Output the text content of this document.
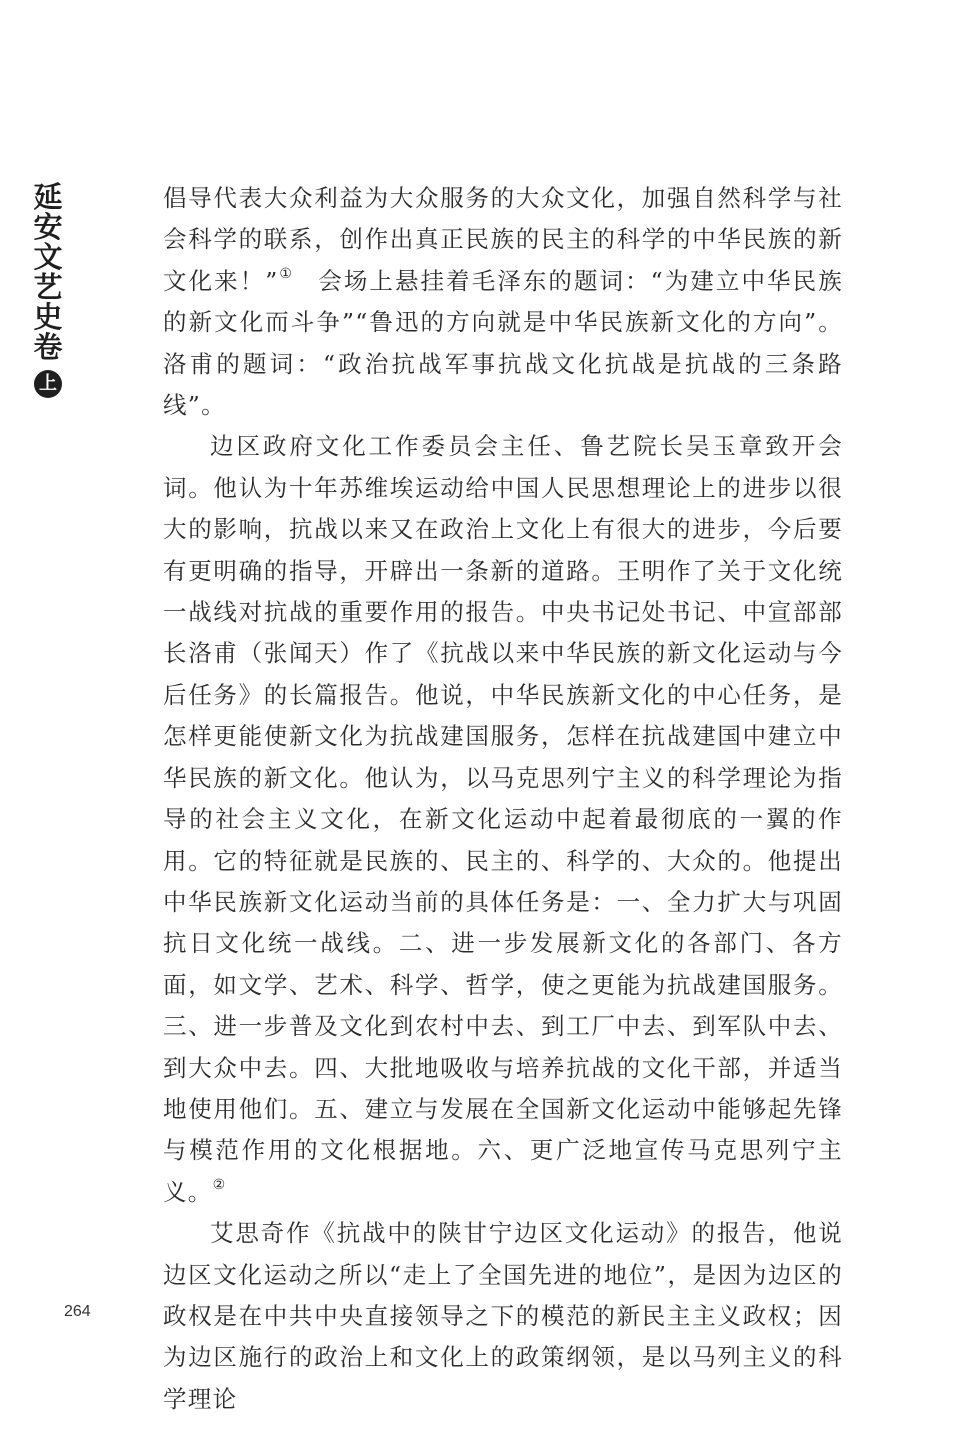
延
安
文
艺
史
卷
上

倡导代表大众利益为大众服务的大众文化，加强自然科学与社会科学的联系，创作出真正民族的民主的科学的中华民族的新文化来！”①　会场上悬挂着毛泽东的题词：“为建立中华民族的新文化而斗争”“鲁迅的方向就是中华民族新文化的方向”。洛甫的题词：“政治抗战军事抗战文化抗战是抗战的三条路线”。

边区政府文化工作委员会主任、鲁艺院长吴玉章致开会词。他认为十年苏维埃运动给中国人民思想理论上的进步以很大的影响，抗战以来又在政治上文化上有很大的进步，今后要有更明确的指导，开辟出一条新的道路。王明作了关于文化统一战线对抗战的重要作用的报告。中央书记处书记、中宣部部长洛甫（张闻天）作了《抗战以来中华民族的新文化运动与今后任务》的长篇报告。他说，中华民族新文化的中心任务，是怎样更能使新文化为抗战建国服务，怎样在抗战建国中建立中华民族的新文化。他认为，以马克思列宁主义的科学理论为指导的社会主义文化，在新文化运动中起着最彻底的一翼的作用。它的特征就是民族的、民主的、科学的、大众的。他提出中华民族新文化运动当前的具体任务是：一、全力扩大与巩固抗日文化统一战线。二、进一步发展新文化的各部门、各方面，如文学、艺术、科学、哲学，使之更能为抗战建国服务。三、进一步普及文化到农村中去、到工厂中去、到军队中去、到大众中去。四、大批地吸收与培养抗战的文化干部，并适当地使用他们。五、建立与发展在全国新文化运动中能够起先锋与模范作用的文化根据地。六、更广泛地宣传马克思列宁主义。②

艾思奇作《抗战中的陕甘宁边区文化运动》的报告，他说边区文化运动之所以“走上了全国先进的地位”，是因为边区的政权是在中共中央直接领导之下的模范的新民主主义政权；因为边区施行的政治上和文化上的政策纲领，是以马列主义的科学理论

264
